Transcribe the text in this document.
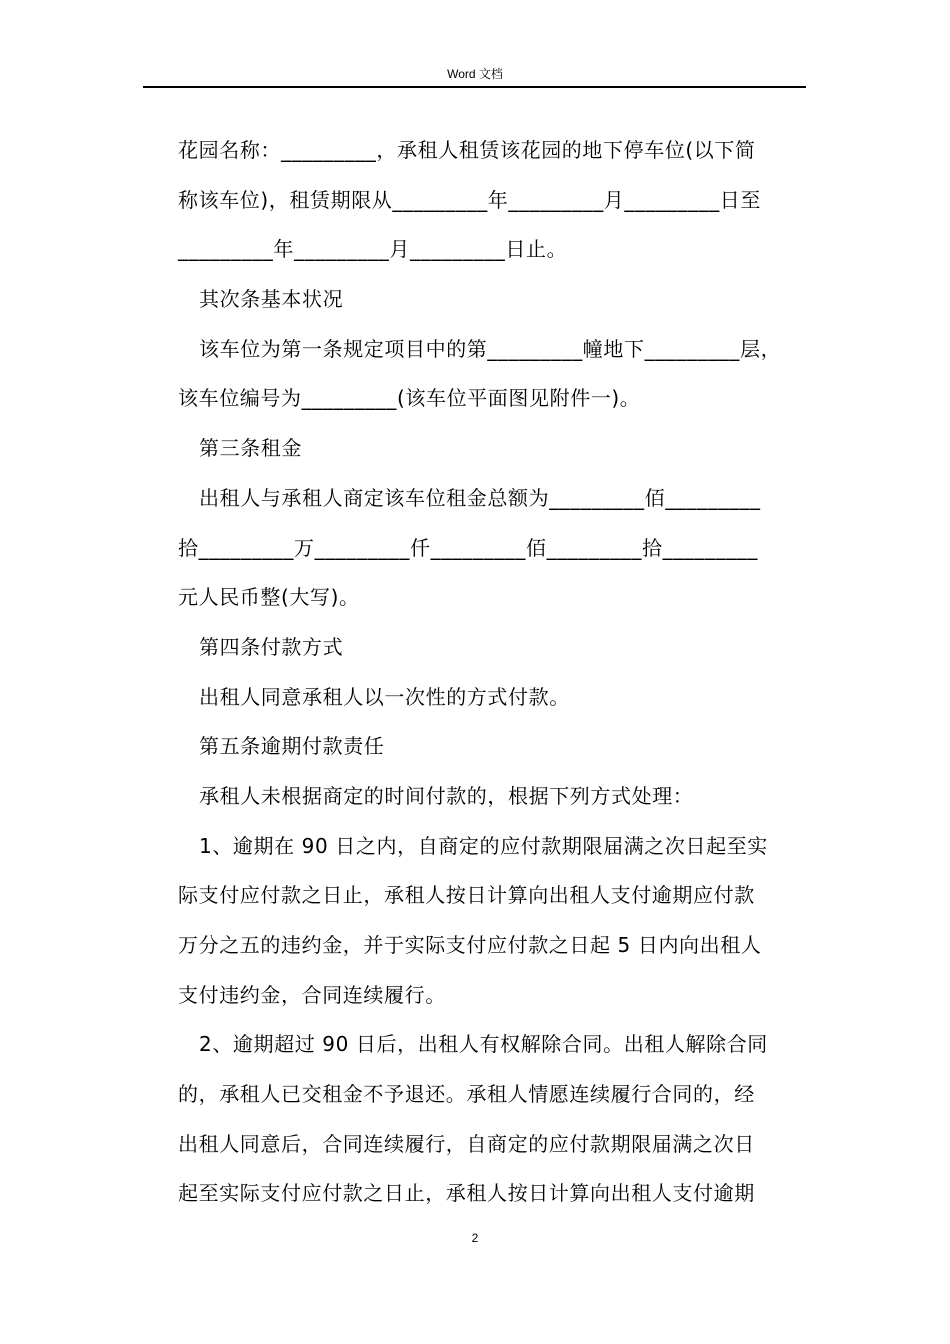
Word 文档
花园名称：_________，承租人租赁该花园的地下停车位(以下简
称该车位)，租赁期限从_________年_________月_________日至
_________年_________月_________日止。
其次条基本状况
该车位为第一条规定项目中的第_________幢地下_________层，
该车位编号为_________(该车位平面图见附件一)。
第三条租金
出租人与承租人商定该车位租金总额为_________佰_________
拾_________万_________仟_________佰_________拾_________
元人民币整(大写)。
第四条付款方式
出租人同意承租人以一次性的方式付款。
第五条逾期付款责任
承租人未根据商定的时间付款的，根据下列方式处理：
1、逾期在 90 日之内，自商定的应付款期限届满之次日起至实
际支付应付款之日止，承租人按日计算向出租人支付逾期应付款
万分之五的违约金，并于实际支付应付款之日起 5 日内向出租人
支付违约金，合同连续履行。
2、逾期超过 90 日后，出租人有权解除合同。出租人解除合同
的，承租人已交租金不予退还。承租人情愿连续履行合同的，经
出租人同意后，合同连续履行，自商定的应付款期限届满之次日
起至实际支付应付款之日止，承租人按日计算向出租人支付逾期
2
